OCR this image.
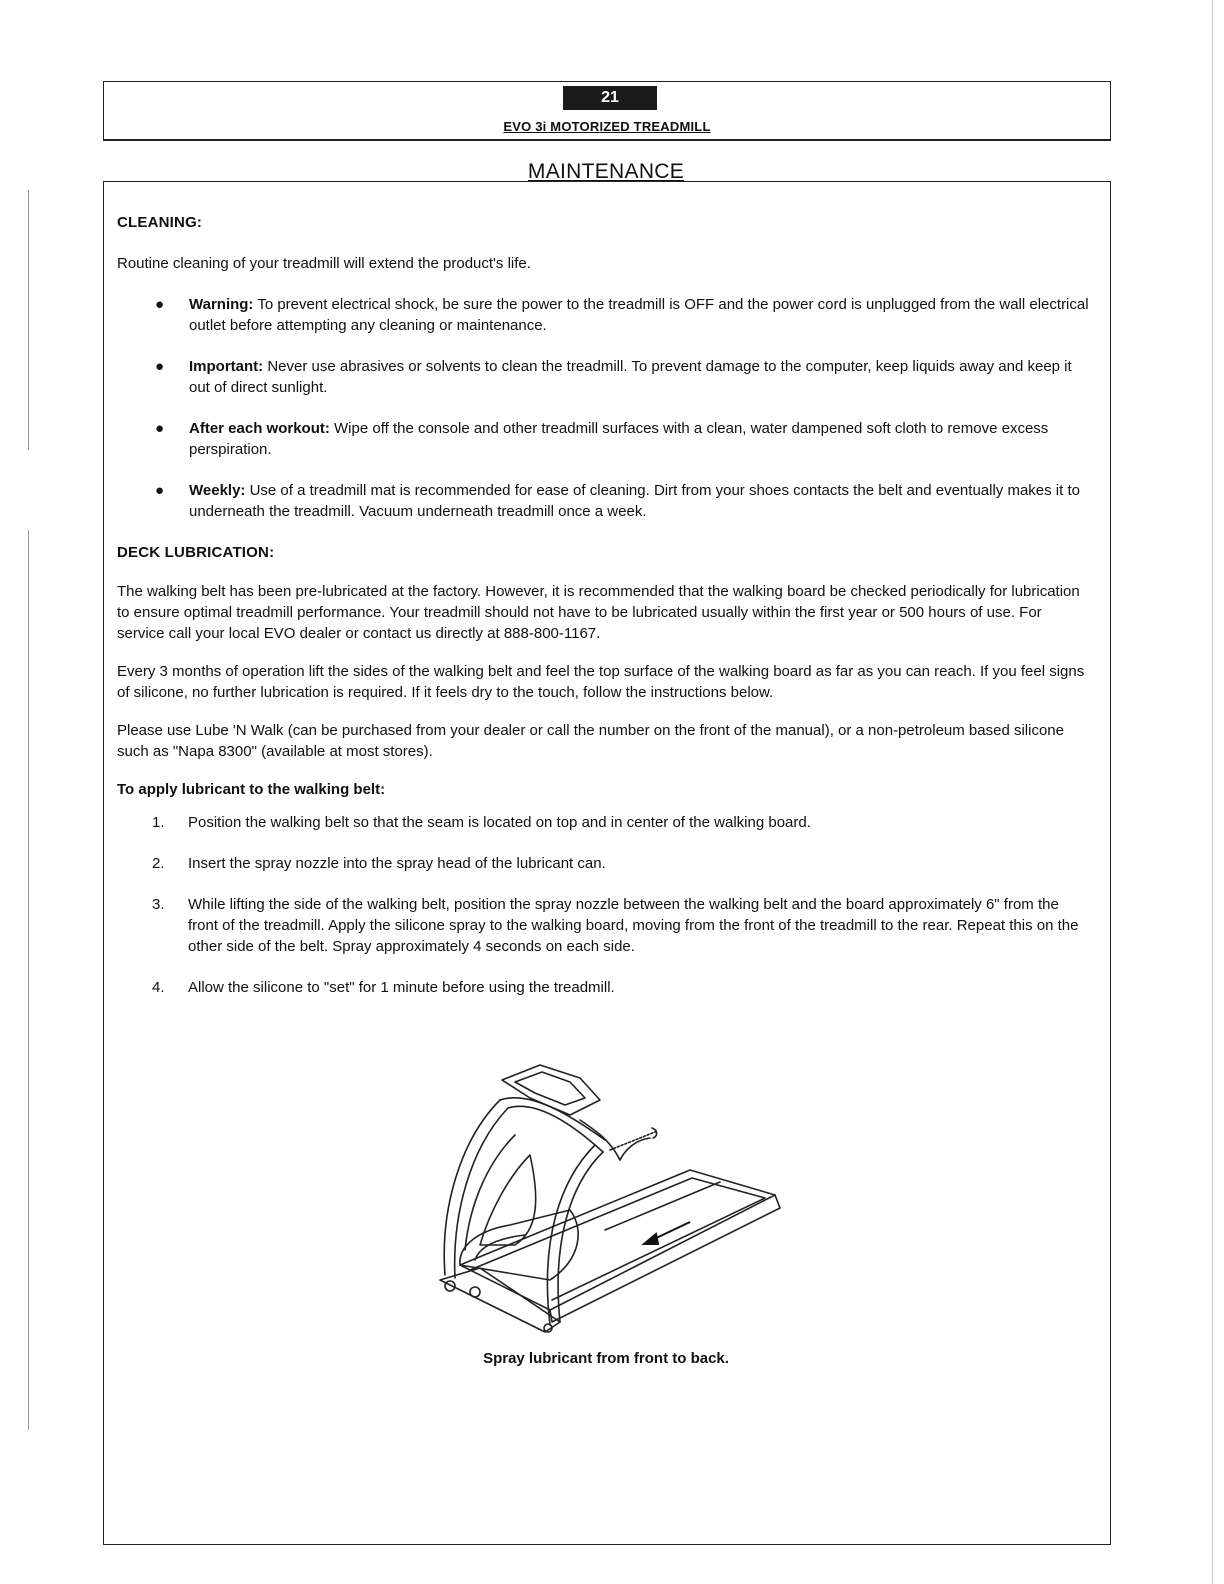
21
EVO 3i MOTORIZED TREADMILL
MAINTENANCE
CLEANING:
Routine cleaning of your treadmill will extend the product's life.
● Warning: To prevent electrical shock, be sure the power to the treadmill is OFF and the power cord is unplugged from the wall electrical outlet before attempting any cleaning or maintenance.
● Important: Never use abrasives or solvents to clean the treadmill. To prevent damage to the computer, keep liquids away and keep it out of direct sunlight.
● After each workout: Wipe off the console and other treadmill surfaces with a clean, water dampened soft cloth to remove excess perspiration.
● Weekly: Use of a treadmill mat is recommended for ease of cleaning. Dirt from your shoes contacts the belt and eventually makes it to underneath the treadmill. Vacuum underneath treadmill once a week.
DECK LUBRICATION:
The walking belt has been pre-lubricated at the factory. However, it is recommended that the walking board be checked periodically for lubrication to ensure optimal treadmill performance. Your treadmill should not have to be lubricated usually within the first year or 500 hours of use. For service call your local EVO dealer or contact us directly at 888-800-1167.
Every 3 months of operation lift the sides of the walking belt and feel the top surface of the walking board as far as you can reach. If you feel signs of silicone, no further lubrication is required. If it feels dry to the touch, follow the instructions below.
Please use Lube 'N Walk (can be purchased from your dealer or call the number on the front of the manual), or a non-petroleum based silicone such as "Napa 8300" (available at most stores).
To apply lubricant to the walking belt:
1. Position the walking belt so that the seam is located on top and in center of the walking board.
2. Insert the spray nozzle into the spray head of the lubricant can.
3. While lifting the side of the walking belt, position the spray nozzle between the walking belt and the board approximately 6" from the front of the treadmill. Apply the silicone spray to the walking board, moving from the front of the treadmill to the rear. Repeat this on the other side of the belt. Spray approximately 4 seconds on each side.
4. Allow the silicone to "set" for 1 minute before using the treadmill.
Spray lubricant from front to back.
